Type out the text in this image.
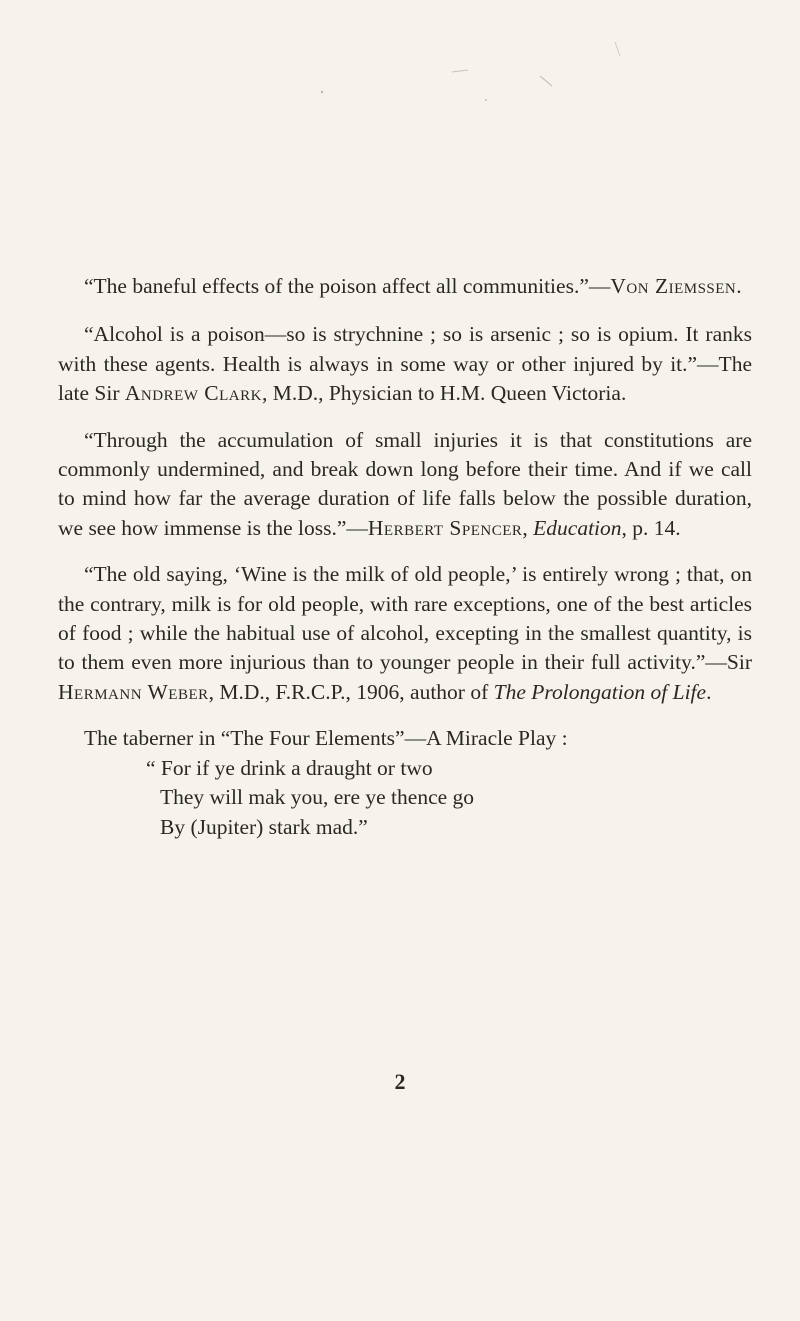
“The baneful effects of the poison affect all communities.”—Von Ziemssen.

“Alcohol is a poison—so is strychnine ; so is arsenic ; so is opium. It ranks with these agents. Health is always in some way or other injured by it.”—The late Sir Andrew Clark, M.D., Physician to H.M. Queen Victoria.

“Through the accumulation of small injuries it is that constitutions are commonly undermined, and break down long before their time. And if we call to mind how far the average duration of life falls below the possible duration, we see how immense is the loss.”—Herbert Spencer, Education, p. 14.

“The old saying, ‘Wine is the milk of old people,’ is entirely wrong ; that, on the contrary, milk is for old people, with rare exceptions, one of the best articles of food ; while the habitual use of alcohol, excepting in the smallest quantity, is to them even more injurious than to younger people in their full activity.”—Sir Hermann Weber, M.D., F.R.C.P., 1906, author of The Prolongation of Life.

The taberner in “The Four Elements”—A Miracle Play :

“ For if ye drink a draught or two
They will mak you, ere ye thence go
By (Jupiter) stark mad.”
2
